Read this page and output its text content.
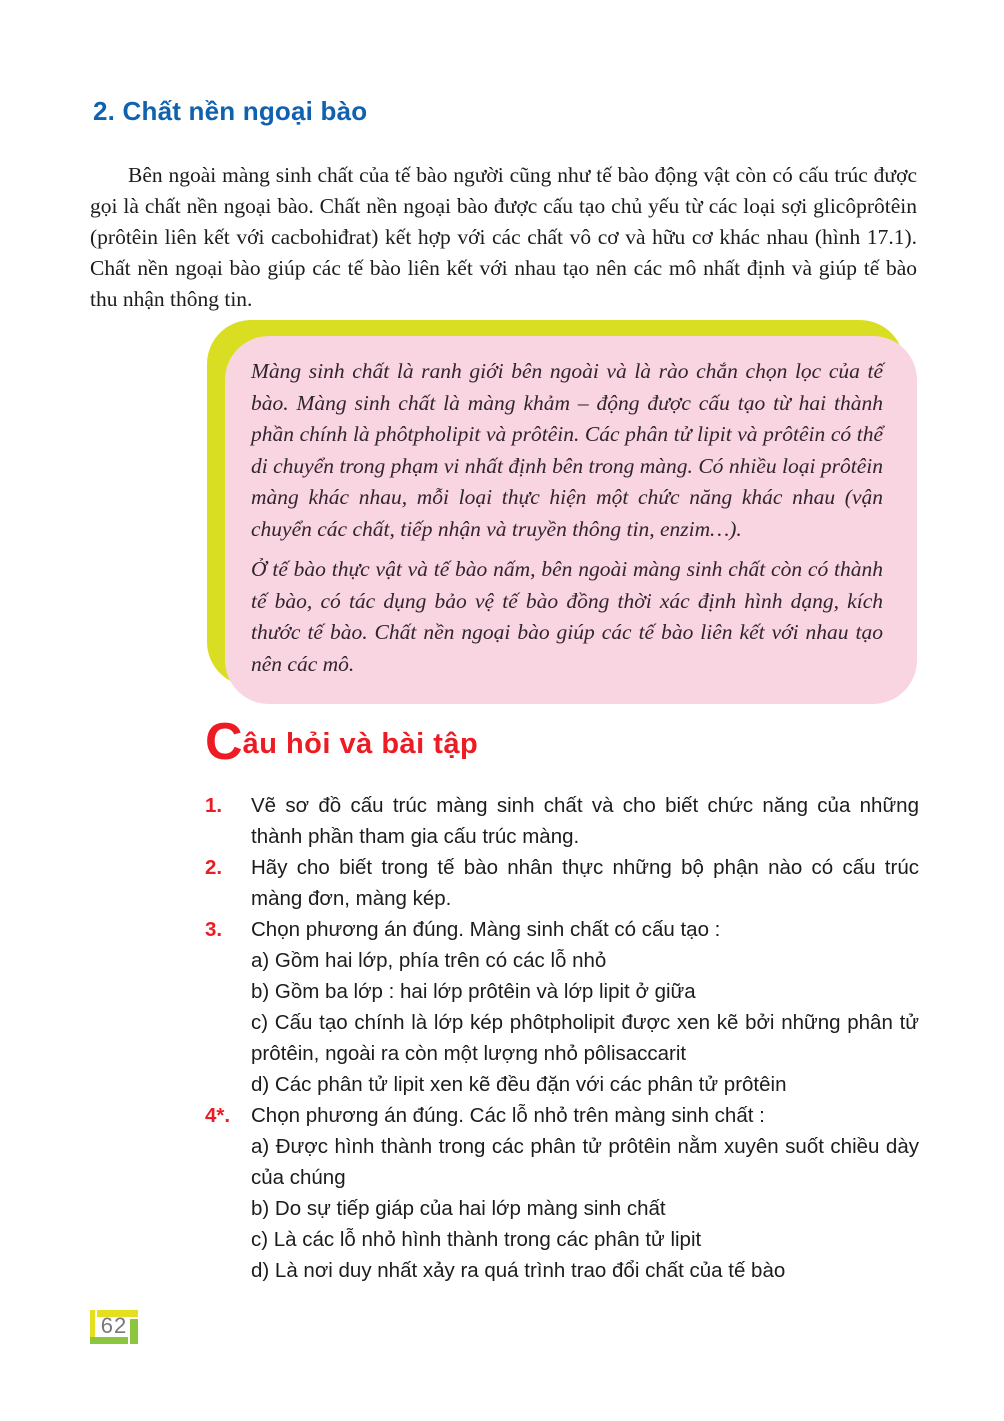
2. Chất nền ngoại bào

Bên ngoài màng sinh chất của tế bào người cũng như tế bào động vật còn có cấu trúc được gọi là chất nền ngoại bào. Chất nền ngoại bào được cấu tạo chủ yếu từ các loại sợi glicôprôtêin (prôtêin liên kết với cacbohiđrat) kết hợp với các chất vô cơ và hữu cơ khác nhau (hình 17.1). Chất nền ngoại bào giúp các tế bào liên kết với nhau tạo nên các mô nhất định và giúp tế bào thu nhận thông tin.

Màng sinh chất là ranh giới bên ngoài và là rào chắn chọn lọc của tế bào. Màng sinh chất là màng khảm – động được cấu tạo từ hai thành phần chính là phôtpholipit và prôtêin. Các phân tử lipit và prôtêin có thể di chuyển trong phạm vi nhất định bên trong màng. Có nhiều loại prôtêin màng khác nhau, mỗi loại thực hiện một chức năng khác nhau (vận chuyển các chất, tiếp nhận và truyền thông tin, enzim…).

Ở tế bào thực vật và tế bào nấm, bên ngoài màng sinh chất còn có thành tế bào, có tác dụng bảo vệ tế bào đồng thời xác định hình dạng, kích thước tế bào. Chất nền ngoại bào giúp các tế bào liên kết với nhau tạo nên các mô.

Câu hỏi và bài tập
1.	Vẽ sơ đồ cấu trúc màng sinh chất và cho biết chức năng của những thành phần tham gia cấu trúc màng.
2.	Hãy cho biết trong tế bào nhân thực những bộ phận nào có cấu trúc màng đơn, màng kép.
3.	Chọn phương án đúng. Màng sinh chất có cấu tạo :
a) Gồm hai lớp, phía trên có các lỗ nhỏ
b) Gồm ba lớp : hai lớp prôtêin và lớp lipit ở giữa
c) Cấu tạo chính là lớp kép phôtpholipit được xen kẽ bởi những phân tử prôtêin, ngoài ra còn một lượng nhỏ pôlisaccarit
d) Các phân tử lipit xen kẽ đều đặn với các phân tử prôtêin
4*.	Chọn phương án đúng. Các lỗ nhỏ trên màng sinh chất :
a) Được hình thành trong các phân tử prôtêin nằm xuyên suốt chiều dày của chúng
b) Do sự tiếp giáp của hai lớp màng sinh chất
c) Là các lỗ nhỏ hình thành trong các phân tử lipit
d) Là nơi duy nhất xảy ra quá trình trao đổi chất của tế bào
62
